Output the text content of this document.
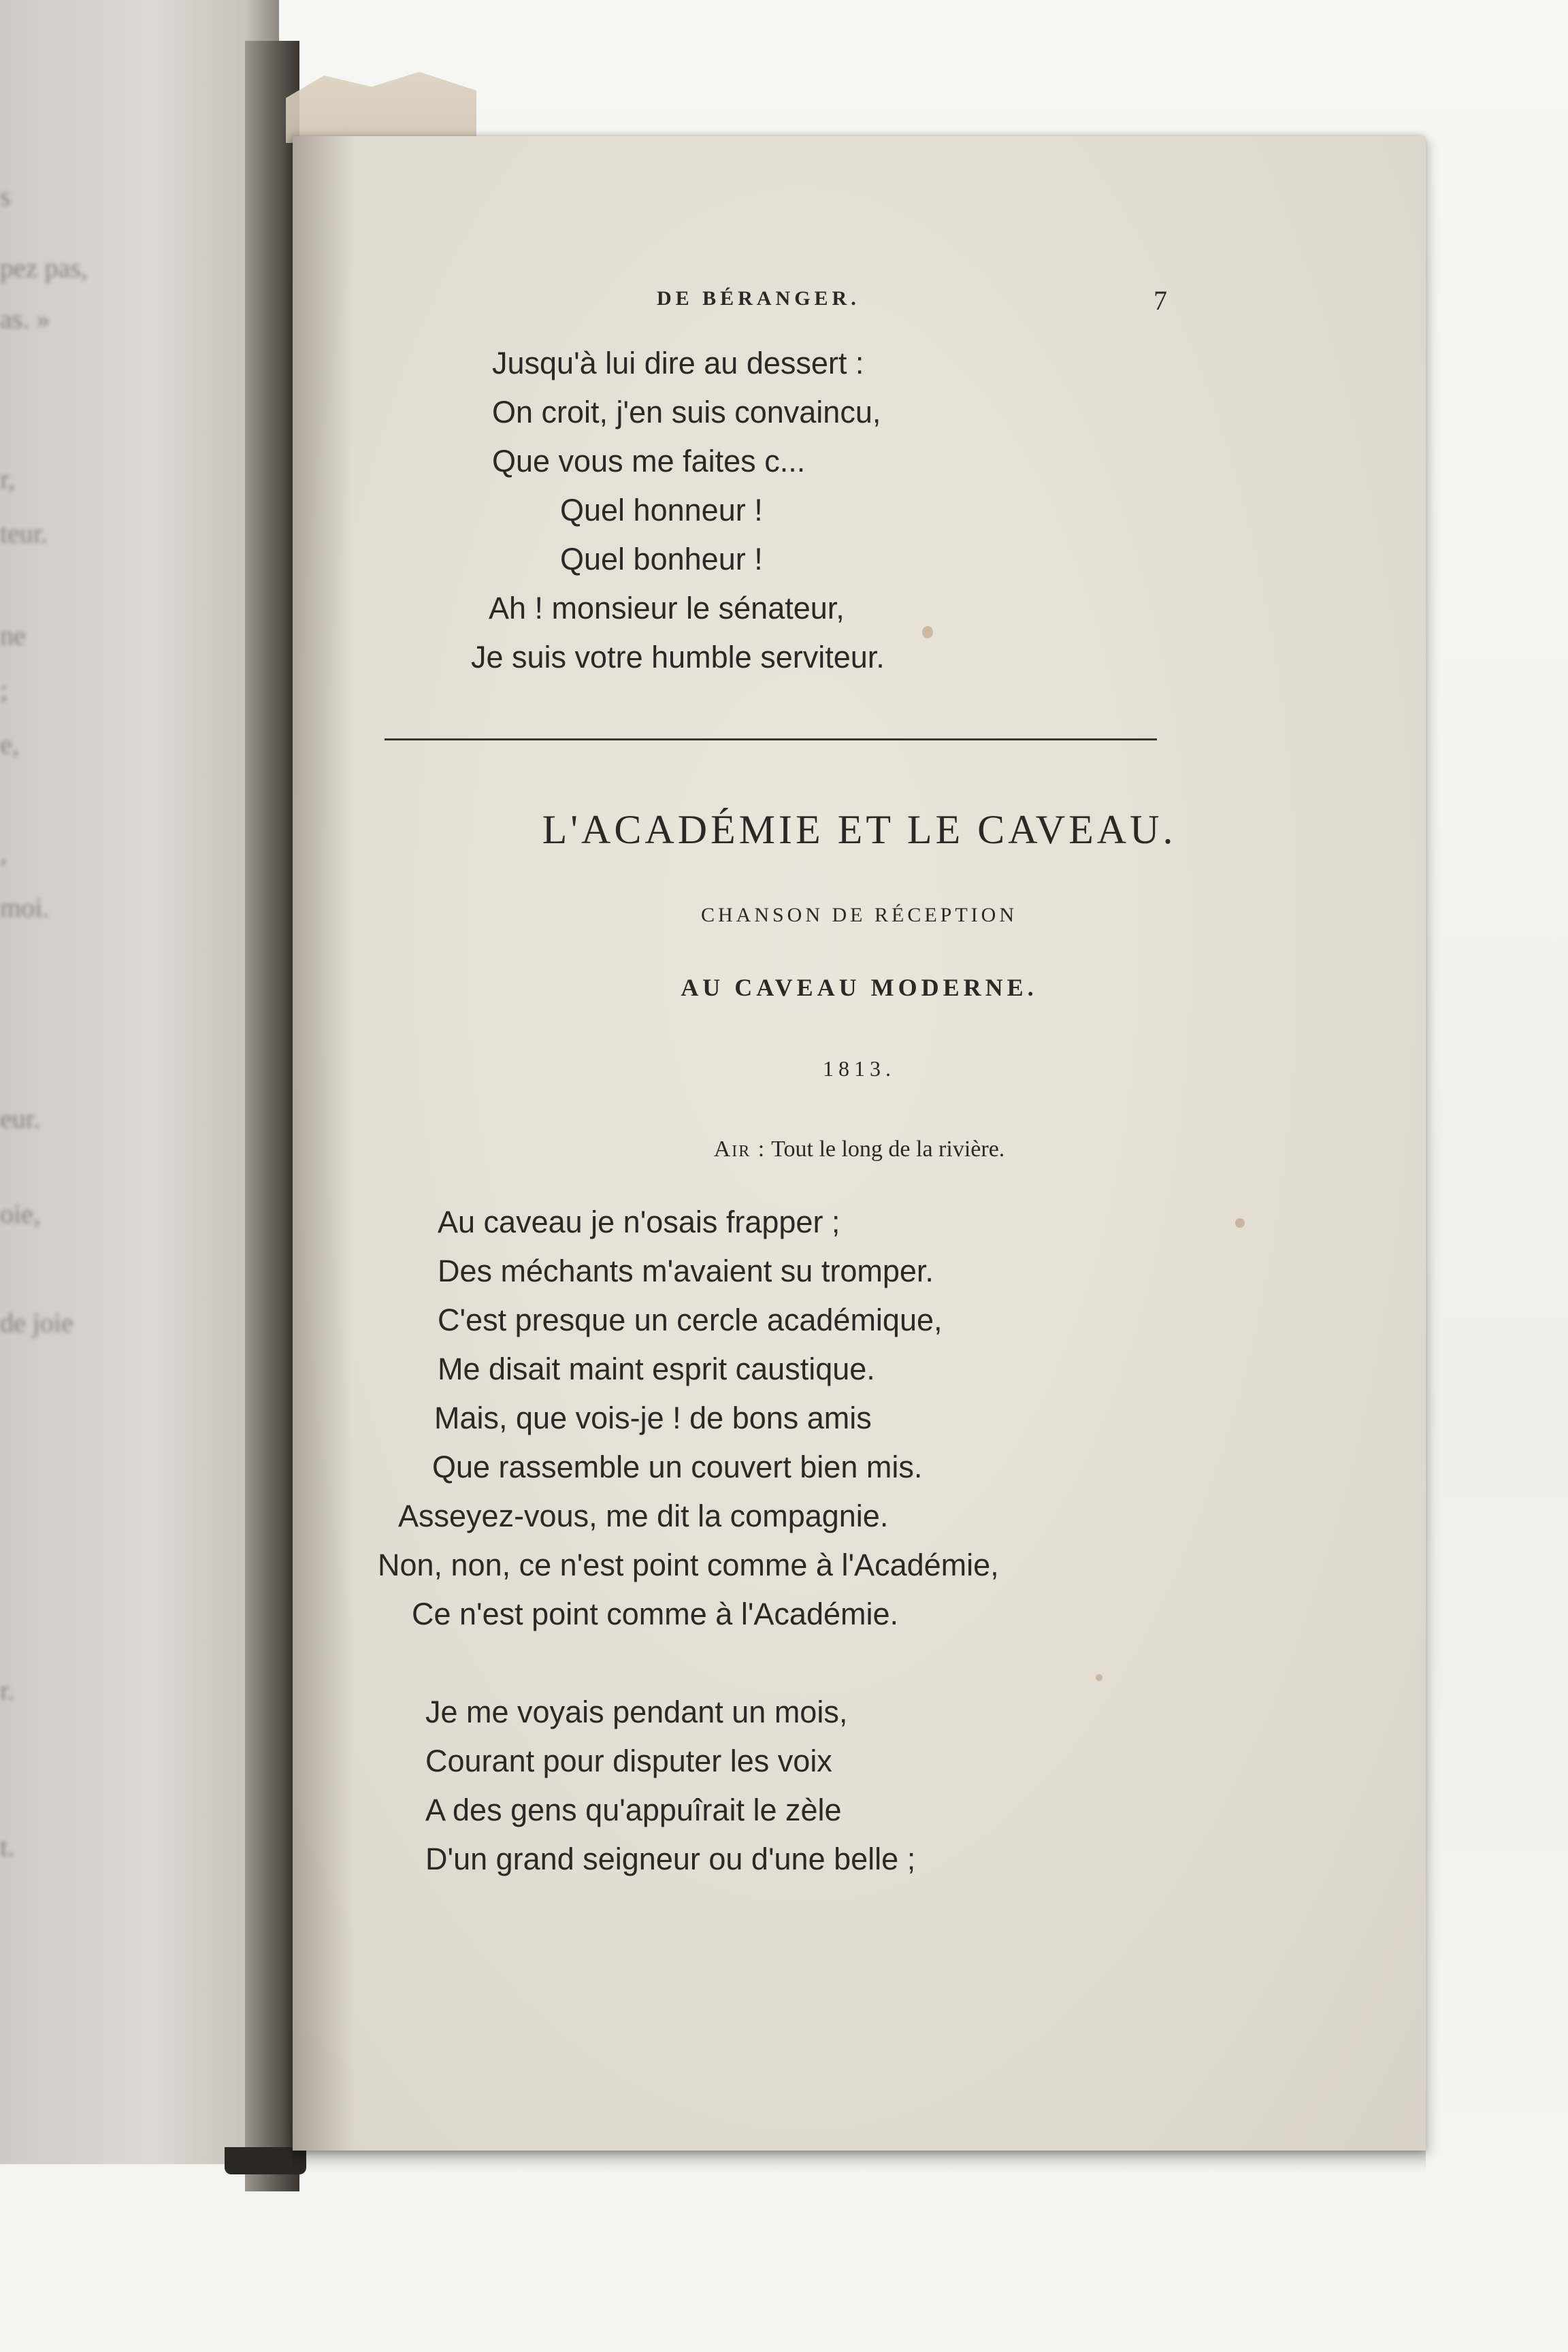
s
pez pas,
as. »
r,
teur.
ne
;
e,
,
moi.
eur.
oie,
de joie
r.
t.
DE BÉRANGER.	7
Jusqu'à lui dire au dessert :
On croit, j'en suis convaincu,
Que vous me faites c...
Quel honneur !
Quel bonheur !
Ah ! monsieur le sénateur,
Je suis votre humble serviteur.
L'ACADÉMIE ET LE CAVEAU.
CHANSON DE RÉCEPTION
AU CAVEAU MODERNE.
1813.
Air : Tout le long de la rivière.
Au caveau je n'osais frapper ;
Des méchants m'avaient su tromper.
C'est presque un cercle académique,
Me disait maint esprit caustique.
Mais, que vois-je ! de bons amis
Que rassemble un couvert bien mis.
Asseyez-vous, me dit la compagnie.
Non, non, ce n'est point comme à l'Académie,
Ce n'est point comme à l'Académie.
Je me voyais pendant un mois,
Courant pour disputer les voix
A des gens qu'appuîrait le zèle
D'un grand seigneur ou d'une belle ;
